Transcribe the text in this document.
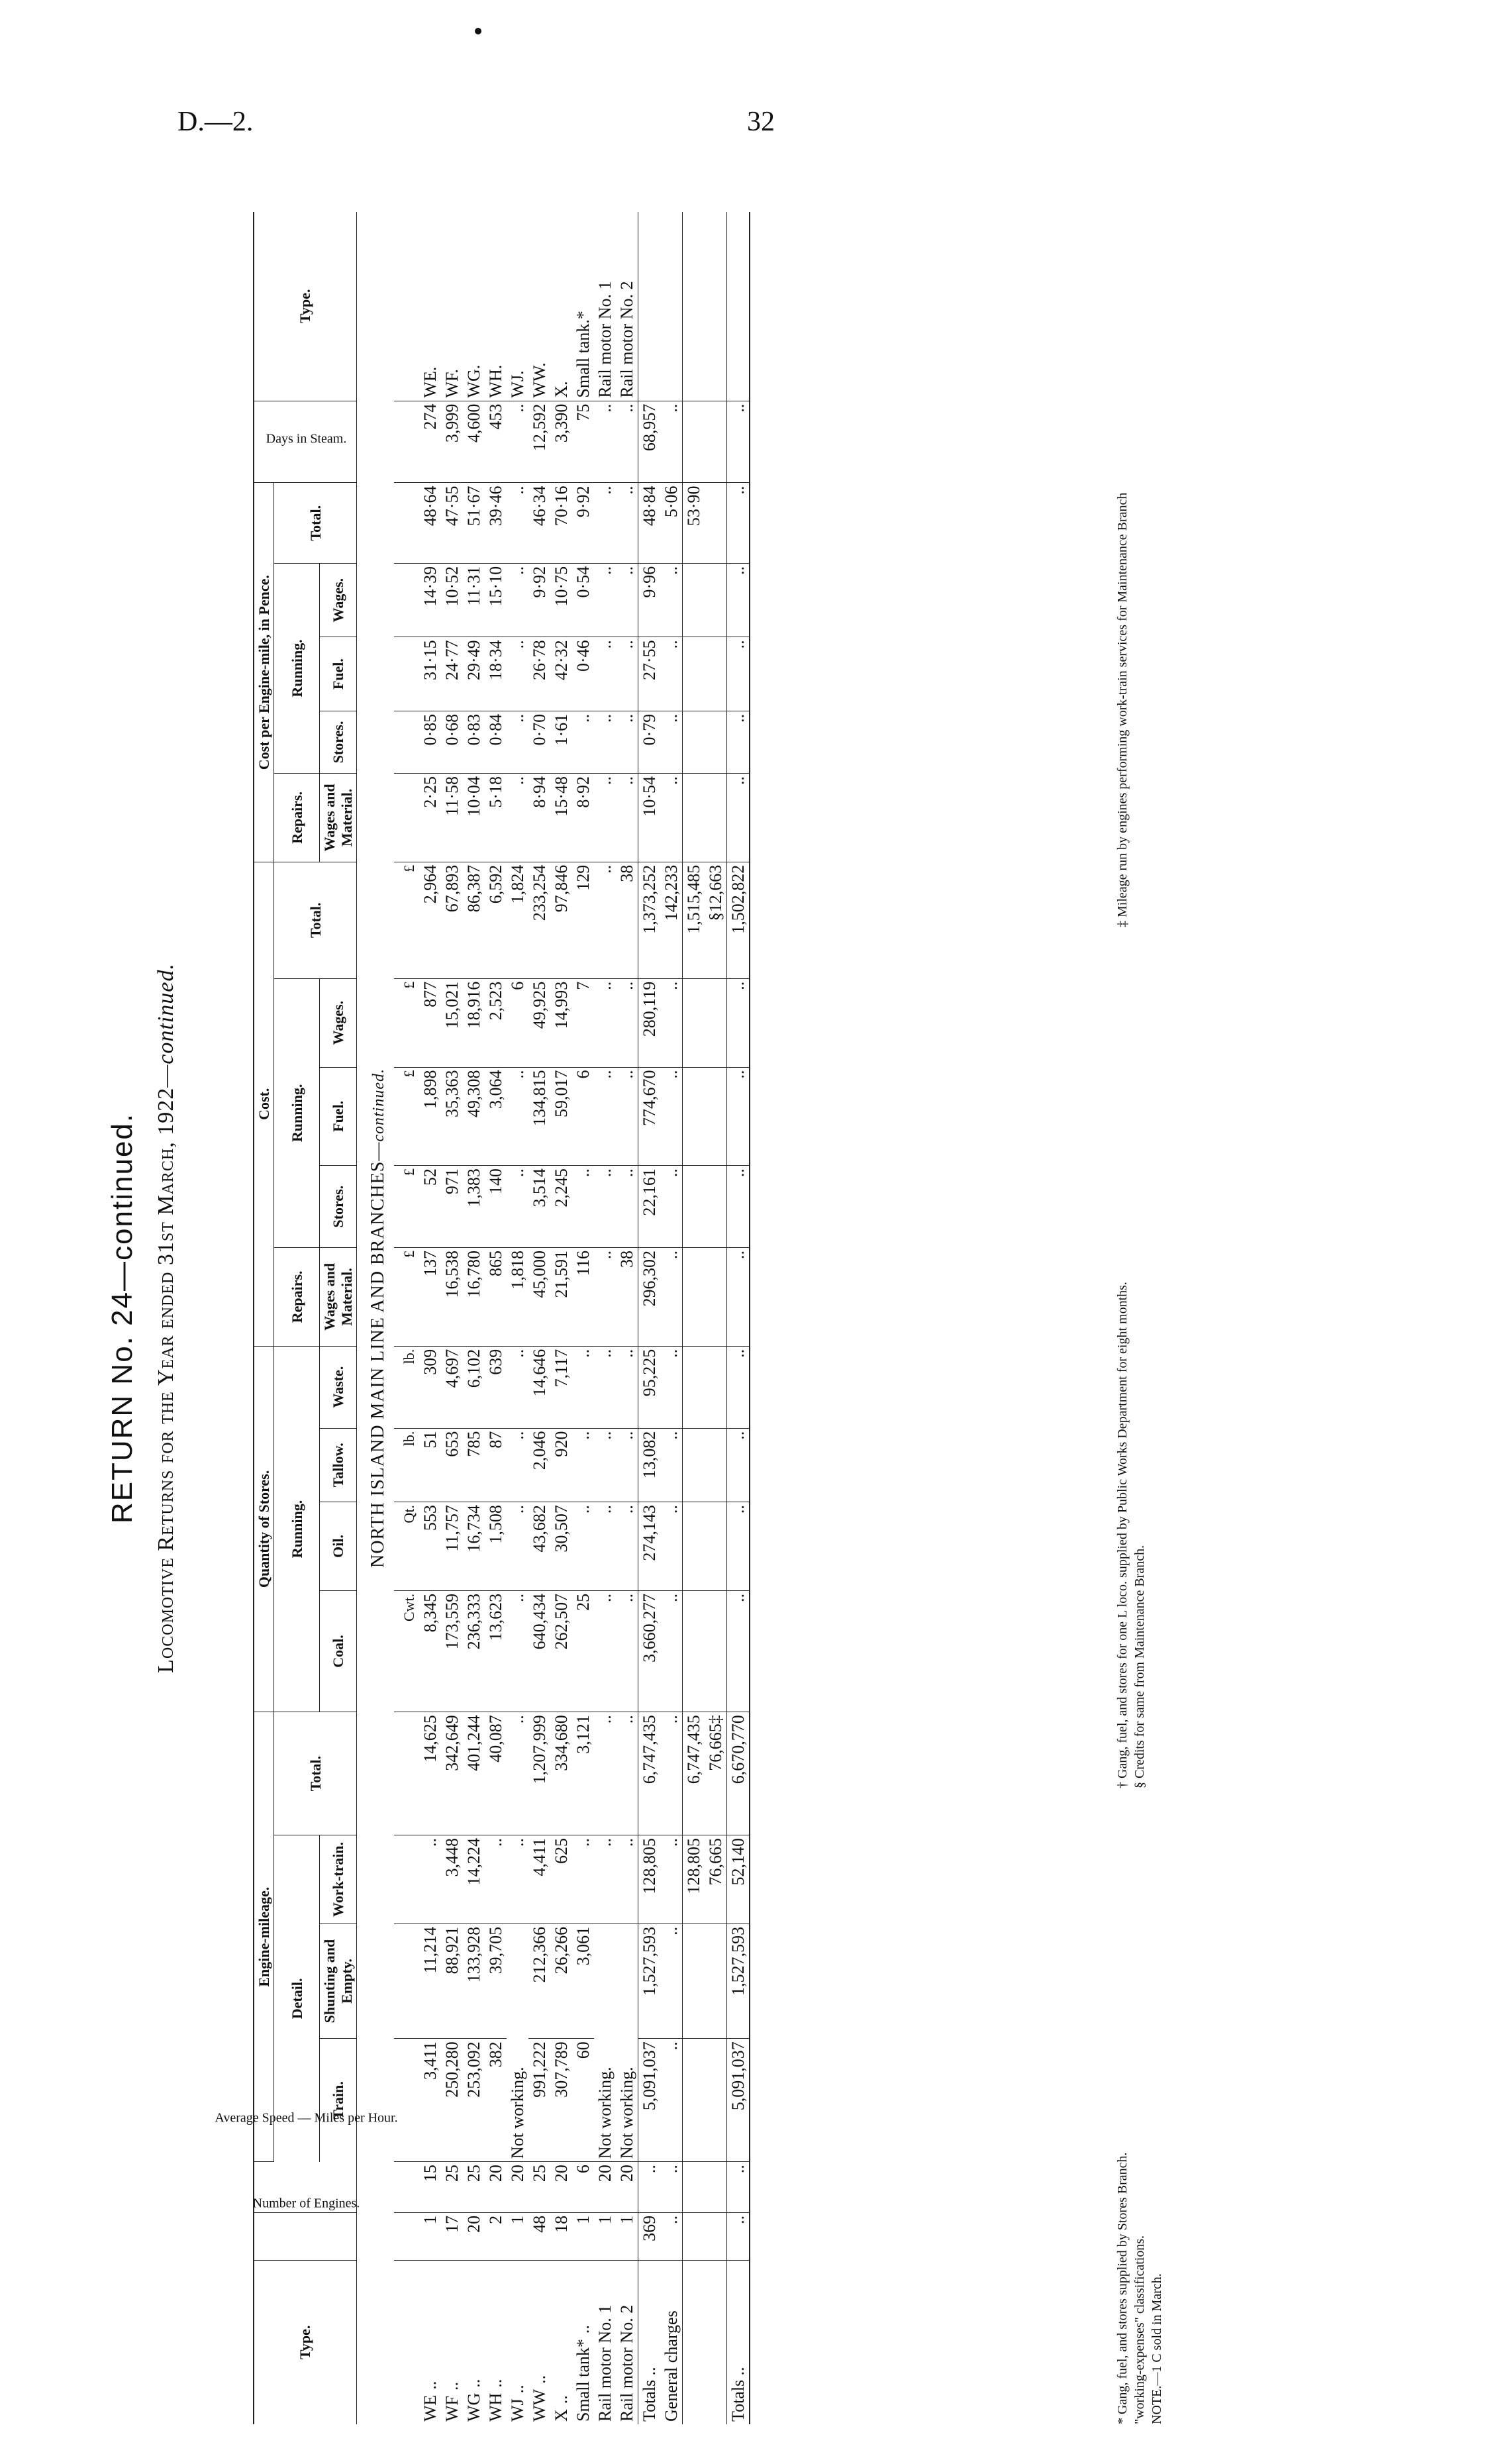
D.—2.	32
RETURN No. 24—continued. Locomotive Returns for the Year ended 31st March, 1922—continued.
Type.	Number of Engines.	Average Speed — Miles per Hour.	Engine-mileage.				Quantity of Stores.				Cost.					Cost per Engine-mile, in Pence.					Days in Steam.	Type.
			Detail.			Total.	Running.				Repairs.	Running.			Total.	Repairs.	Running.			Total.		
			Train.	Shunting and Empty.	Work-train.		Coal.	Oil.	Tallow.	Waste.	Wages and Material.	Stores.	Fuel.	Wages.		Wages and Material.	Stores.	Fuel.	Wages.			
NORTH ISLAND MAIN LINE AND BRANCHES—continued.																						
							Cwt.	Qt.	lb.	lb.	£	£	£	£	£							
WE..	1	15	3,411	11,214	..	14,625	8,345	553	51	309	137	52	1,898	877	2,964	2·25	0·85	31·15	14·39	48·64	274	WE.
WF..	17	25	250,280	88,921	3,448	342,649	173,559	11,757	653	4,697	16,538	971	35,363	15,021	67,893	11·58	0·68	24·77	10·52	47·55	3,999	WF.
WG..	20	25	253,092	133,928	14,224	401,244	236,333	16,734	785	6,102	16,780	1,383	49,308	18,916	86,387	10·04	0·83	29·49	11·31	51·67	4,600	WG.
WH..	2	20	382	39,705	..	40,087	13,623	1,508	87	639	865	140	3,064	2,523	6,592	5·18	0·84	18·34	15·10	39·46	453	WH.
WJ..	1	20	Not working.		..	..	..	..	..	..	1,818	..	..	6	1,824	..	..	..	..	..	..	WJ.
WW..	48	25	991,222	212,366	4,411	1,207,999	640,434	43,682	2,046	14,646	45,000	3,514	134,815	49,925	233,254	8·94	0·70	26·78	9·92	46·34	12,592	WW.
X..	18	20	307,789	26,266	625	334,680	262,507	30,507	920	7,117	21,591	2,245	59,017	14,993	97,846	15·48	1·61	42·32	10·75	70·16	3,390	X.
Small tank*..	1	6	60	3,061	..	3,121	25	..	..	..	116	..	6	7	129	8·92	..	0·46	0·54	9·92	75	Small tank.*
Rail motor No. 1	1	20	Not working.		..	..	..	..	..	..	..	..	..	..	..	..	..	..	..	..	..	Rail motor No. 1
Rail motor No. 2	1	20	Not working.		..	..	..	..	..	..	38	..	..	..	38	..	..	..	..	..	..	Rail motor No. 2
Totals ..	369	..	5,091,037	1,527,593	128,805	6,747,435	3,660,277	274,143	13,082	95,225	296,302	22,161	774,670	280,119	1,373,252	10·54	0·79	27·55	9·96	48·84	68,957	
General charges	..	..	..	..	..	..	..	..	..	..	..	..	..	..	142,233	..	..	..	..	5·06	..	
					128,805	6,747,435									1,515,485					53·90		
					76,665	76,665‡									§12,663							
Totals ..	..	..	5,091,037	1,527,593	52,140	6,670,770	..	..	..	..	..	..	..	..	1,502,822	..	..	..	..	..	..	
* Gang, fuel, and stores supplied by Stores Branch. "working-expenses" classifications. NOTE.—1 C sold in March.
† Gang, fuel, and stores for one L loco. supplied by Public Works Department for eight months. § Credits for same from Maintenance Branch.
‡ Mileage run by engines performing work-train services for Maintenance Branch
